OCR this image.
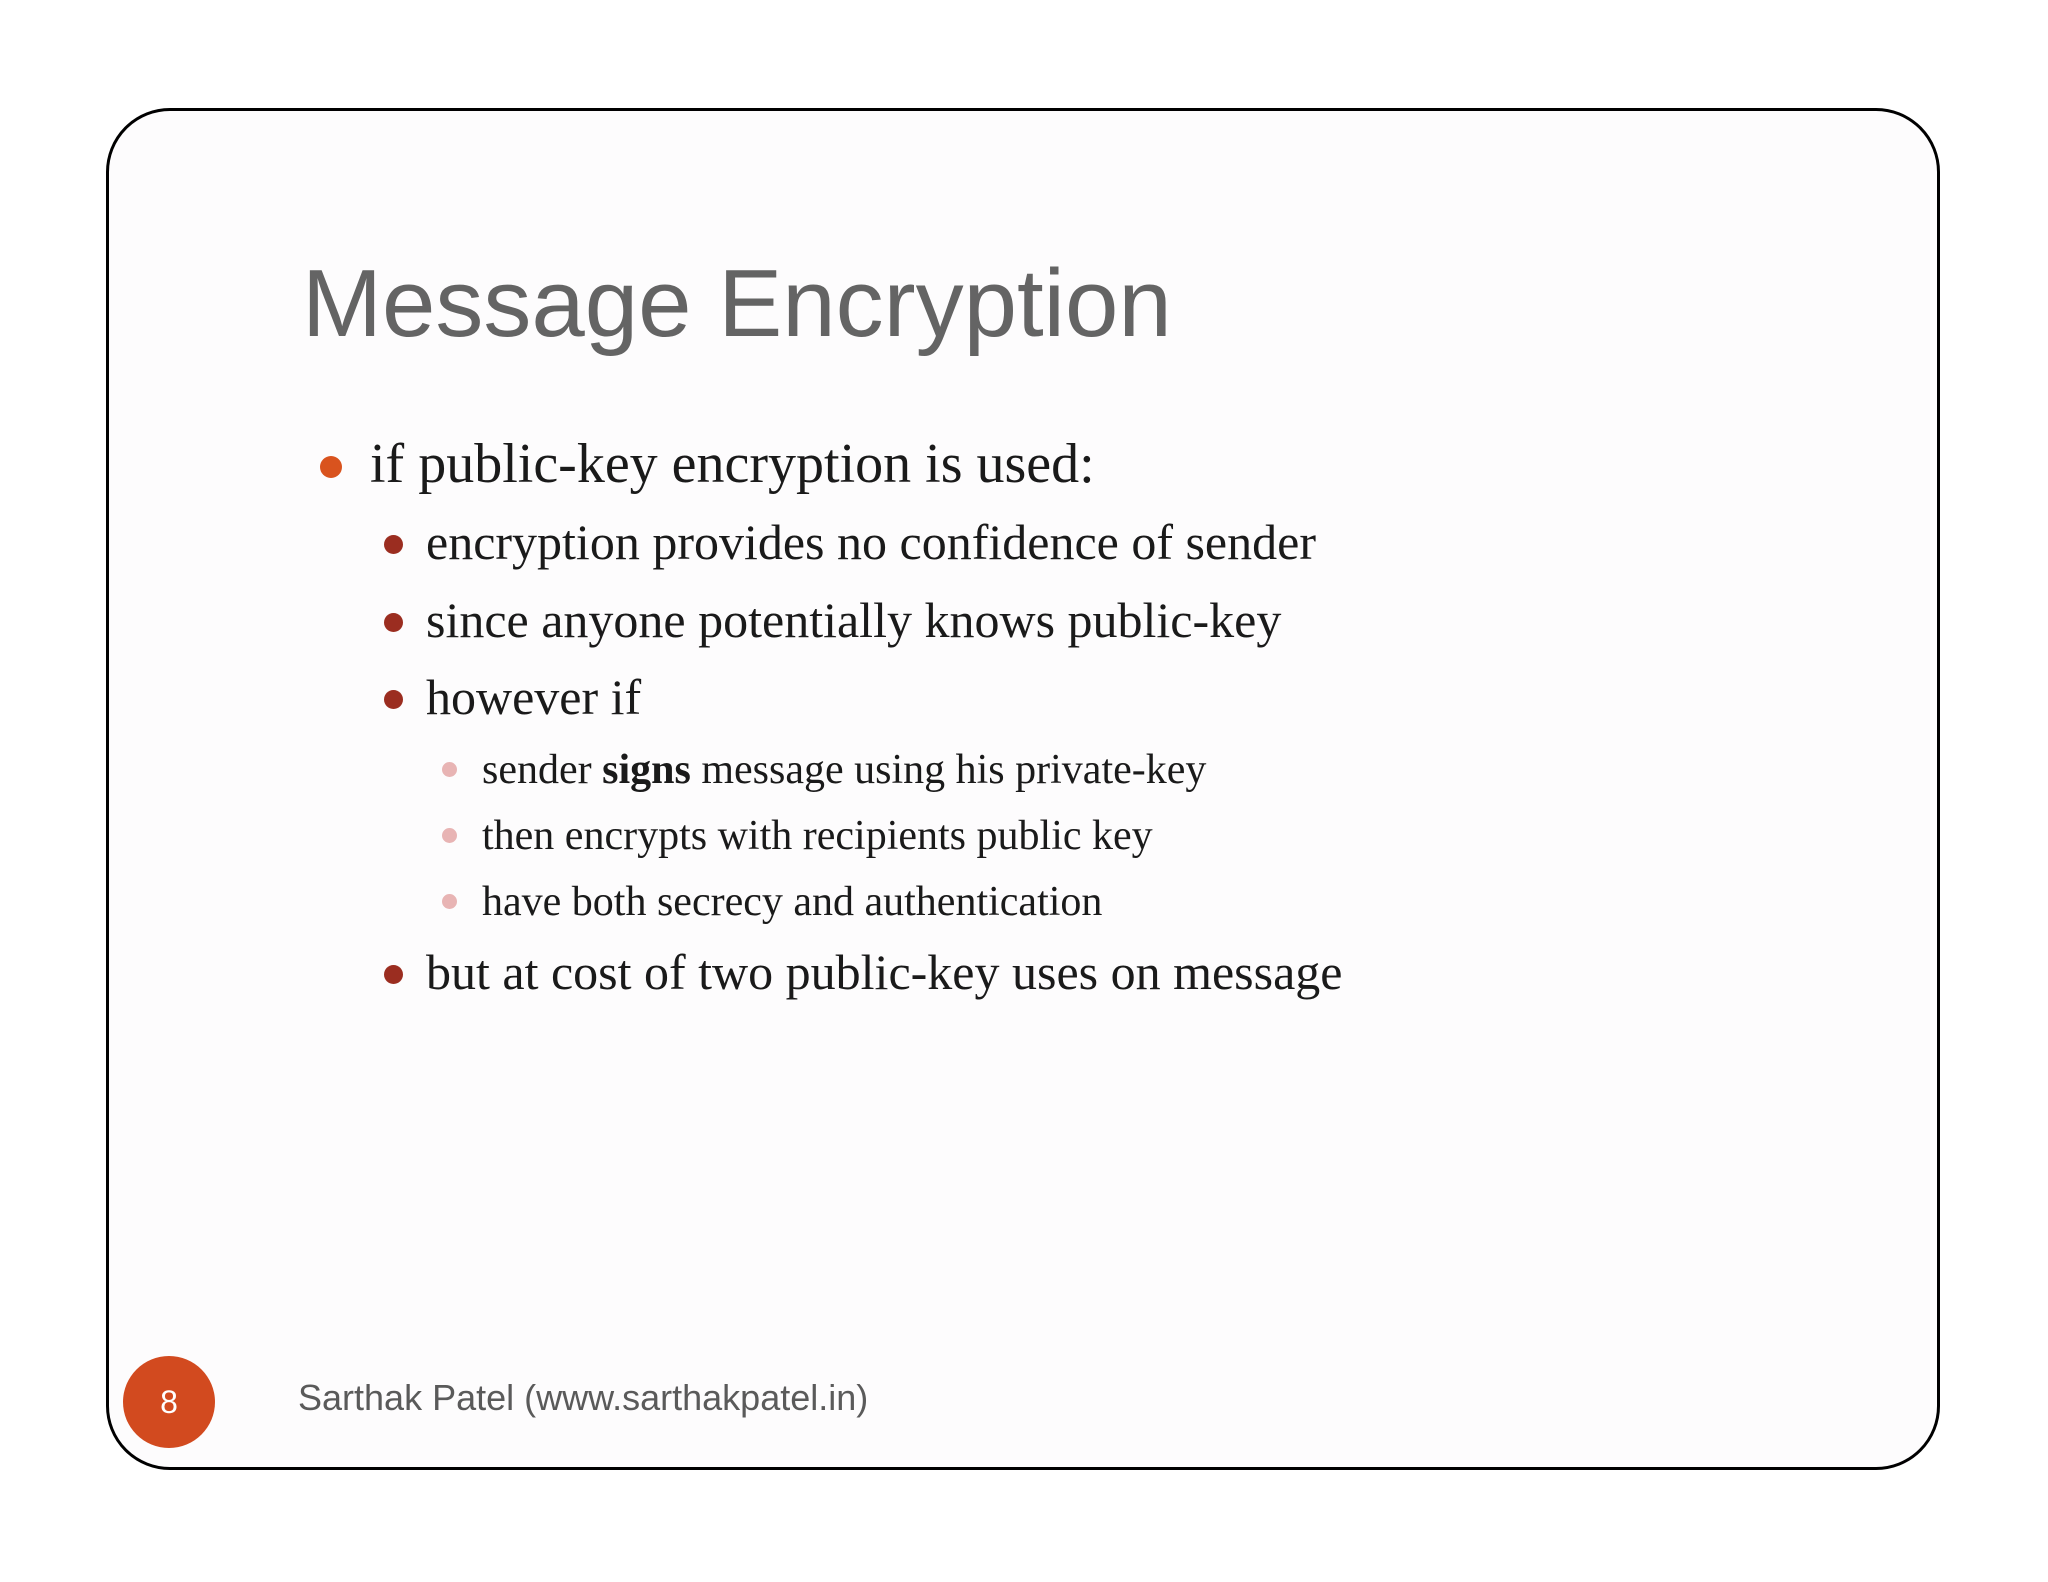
Message Encryption
if public-key encryption is used:
encryption provides no confidence of sender
since anyone potentially knows public-key
however if
sender signs message using his private-key
then encrypts with recipients public key
have both secrecy and authentication
but at cost of two public-key uses on message
8	Sarthak Patel (www.sarthakpatel.in)
